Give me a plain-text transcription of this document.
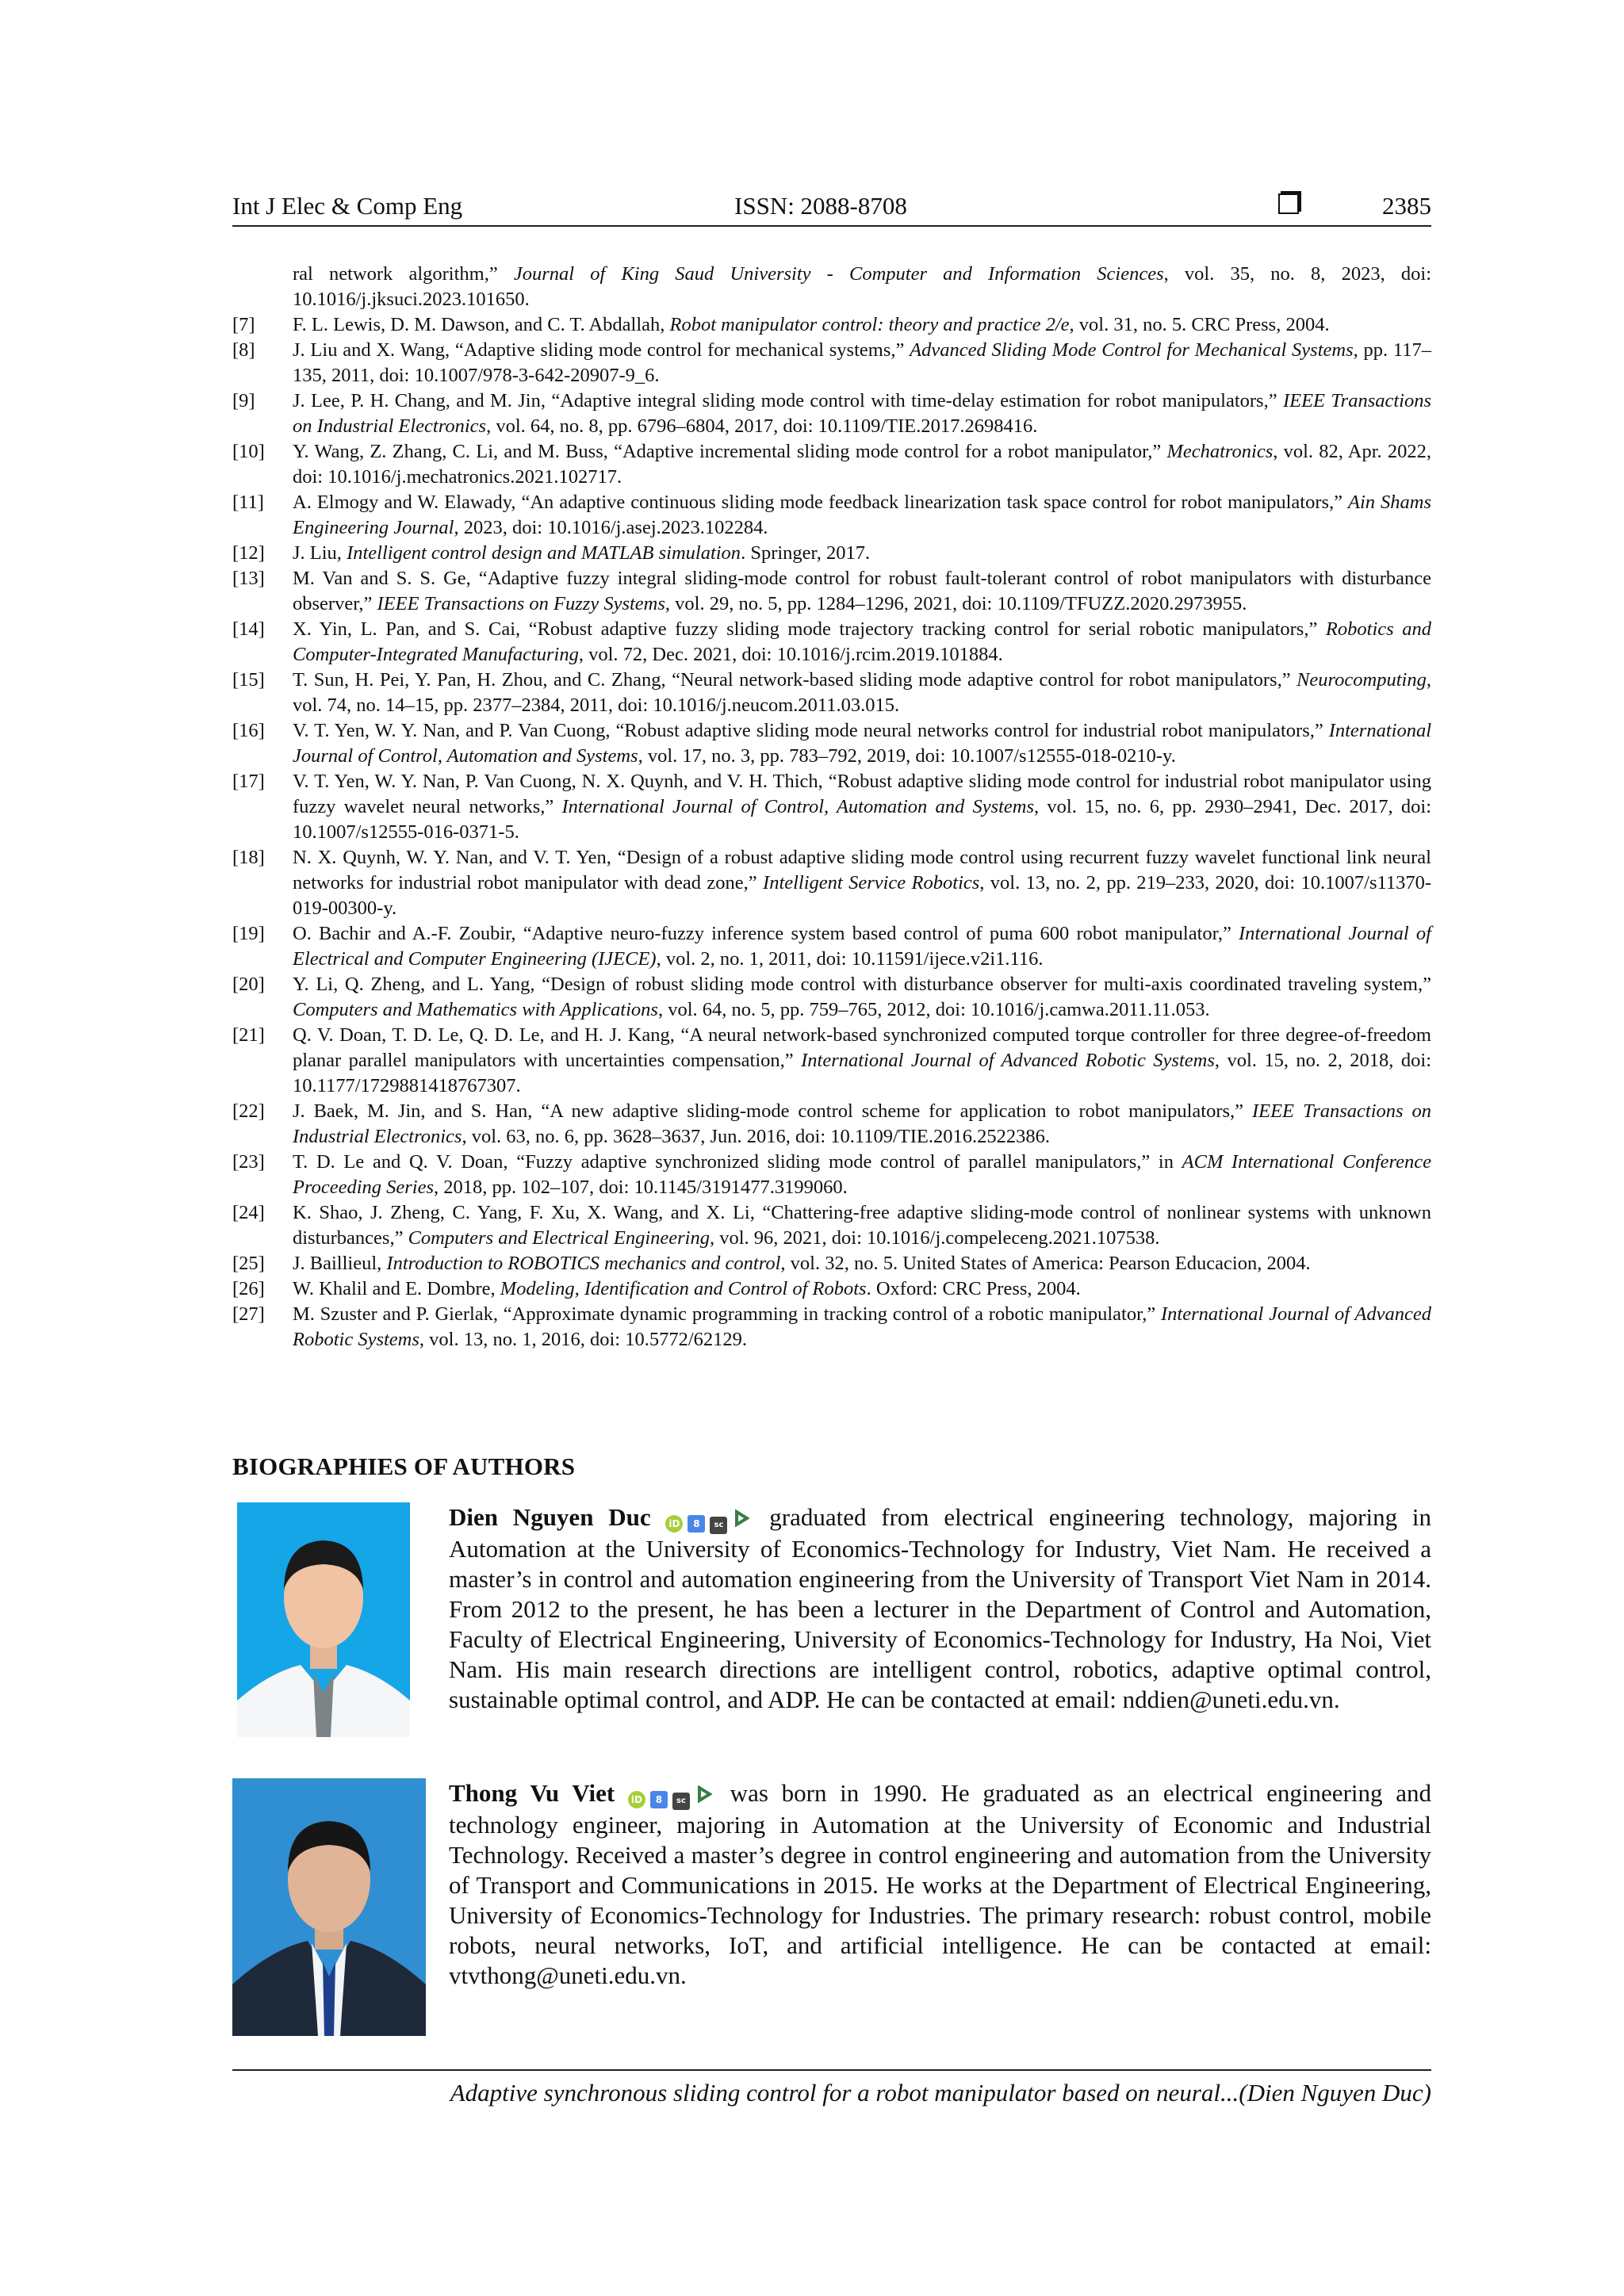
Int J Elec & Comp Eng	ISSN: 2088-8708	2385
ral network algorithm,” Journal of King Saud University - Computer and Information Sciences, vol. 35, no. 8, 2023, doi: 10.1016/j.jksuci.2023.101650.
[7] F. L. Lewis, D. M. Dawson, and C. T. Abdallah, Robot manipulator control: theory and practice 2/e, vol. 31, no. 5. CRC Press, 2004.
[8] J. Liu and X. Wang, “Adaptive sliding mode control for mechanical systems,” Advanced Sliding Mode Control for Mechanical Systems, pp. 117–135, 2011, doi: 10.1007/978-3-642-20907-9_6.
[9] J. Lee, P. H. Chang, and M. Jin, “Adaptive integral sliding mode control with time-delay estimation for robot manipulators,” IEEE Transactions on Industrial Electronics, vol. 64, no. 8, pp. 6796–6804, 2017, doi: 10.1109/TIE.2017.2698416.
[10] Y. Wang, Z. Zhang, C. Li, and M. Buss, “Adaptive incremental sliding mode control for a robot manipulator,” Mechatronics, vol. 82, Apr. 2022, doi: 10.1016/j.mechatronics.2021.102717.
[11] A. Elmogy and W. Elawady, “An adaptive continuous sliding mode feedback linearization task space control for robot manipulators,” Ain Shams Engineering Journal, 2023, doi: 10.1016/j.asej.2023.102284.
[12] J. Liu, Intelligent control design and MATLAB simulation. Springer, 2017.
[13] M. Van and S. S. Ge, “Adaptive fuzzy integral sliding-mode control for robust fault-tolerant control of robot manipulators with disturbance observer,” IEEE Transactions on Fuzzy Systems, vol. 29, no. 5, pp. 1284–1296, 2021, doi: 10.1109/TFUZZ.2020.2973955.
[14] X. Yin, L. Pan, and S. Cai, “Robust adaptive fuzzy sliding mode trajectory tracking control for serial robotic manipulators,” Robotics and Computer-Integrated Manufacturing, vol. 72, Dec. 2021, doi: 10.1016/j.rcim.2019.101884.
[15] T. Sun, H. Pei, Y. Pan, H. Zhou, and C. Zhang, “Neural network-based sliding mode adaptive control for robot manipulators,” Neurocomputing, vol. 74, no. 14–15, pp. 2377–2384, 2011, doi: 10.1016/j.neucom.2011.03.015.
[16] V. T. Yen, W. Y. Nan, and P. Van Cuong, “Robust adaptive sliding mode neural networks control for industrial robot manipulators,” International Journal of Control, Automation and Systems, vol. 17, no. 3, pp. 783–792, 2019, doi: 10.1007/s12555-018-0210-y.
[17] V. T. Yen, W. Y. Nan, P. Van Cuong, N. X. Quynh, and V. H. Thich, “Robust adaptive sliding mode control for industrial robot manipulator using fuzzy wavelet neural networks,” International Journal of Control, Automation and Systems, vol. 15, no. 6, pp. 2930–2941, Dec. 2017, doi: 10.1007/s12555-016-0371-5.
[18] N. X. Quynh, W. Y. Nan, and V. T. Yen, “Design of a robust adaptive sliding mode control using recurrent fuzzy wavelet functional link neural networks for industrial robot manipulator with dead zone,” Intelligent Service Robotics, vol. 13, no. 2, pp. 219–233, 2020, doi: 10.1007/s11370-019-00300-y.
[19] O. Bachir and A.-F. Zoubir, “Adaptive neuro-fuzzy inference system based control of puma 600 robot manipulator,” International Journal of Electrical and Computer Engineering (IJECE), vol. 2, no. 1, 2011, doi: 10.11591/ijece.v2i1.116.
[20] Y. Li, Q. Zheng, and L. Yang, “Design of robust sliding mode control with disturbance observer for multi-axis coordinated traveling system,” Computers and Mathematics with Applications, vol. 64, no. 5, pp. 759–765, 2012, doi: 10.1016/j.camwa.2011.11.053.
[21] Q. V. Doan, T. D. Le, Q. D. Le, and H. J. Kang, “A neural network-based synchronized computed torque controller for three degree-of-freedom planar parallel manipulators with uncertainties compensation,” International Journal of Advanced Robotic Systems, vol. 15, no. 2, 2018, doi: 10.1177/1729881418767307.
[22] J. Baek, M. Jin, and S. Han, “A new adaptive sliding-mode control scheme for application to robot manipulators,” IEEE Transactions on Industrial Electronics, vol. 63, no. 6, pp. 3628–3637, Jun. 2016, doi: 10.1109/TIE.2016.2522386.
[23] T. D. Le and Q. V. Doan, “Fuzzy adaptive synchronized sliding mode control of parallel manipulators,” in ACM International Conference Proceeding Series, 2018, pp. 102–107, doi: 10.1145/3191477.3199060.
[24] K. Shao, J. Zheng, C. Yang, F. Xu, X. Wang, and X. Li, “Chattering-free adaptive sliding-mode control of nonlinear systems with unknown disturbances,” Computers and Electrical Engineering, vol. 96, 2021, doi: 10.1016/j.compeleceng.2021.107538.
[25] J. Baillieul, Introduction to ROBOTICS mechanics and control, vol. 32, no. 5. United States of America: Pearson Educacion, 2004.
[26] W. Khalil and E. Dombre, Modeling, Identification and Control of Robots. Oxford: CRC Press, 2004.
[27] M. Szuster and P. Gierlak, “Approximate dynamic programming in tracking control of a robotic manipulator,” International Journal of Advanced Robotic Systems, vol. 13, no. 1, 2016, doi: 10.5772/62129.
BIOGRAPHIES OF AUTHORS
Dien Nguyen Duc iD 8 sc graduated from electrical engineering technology, majoring in Automation at the University of Economics-Technology for Industry, Viet Nam. He received a master’s in control and automation engineering from the University of Transport Viet Nam in 2014. From 2012 to the present, he has been a lecturer in the Department of Control and Automation, Faculty of Electrical Engineering, University of Economics-Technology for Industry, Ha Noi, Viet Nam. His main research directions are intelligent control, robotics, adaptive optimal control, sustainable optimal control, and ADP. He can be contacted at email: nddien@uneti.edu.vn.
Thong Vu Viet iD 8 sc was born in 1990. He graduated as an electrical engineering and technology engineer, majoring in Automation at the University of Economic and Industrial Technology. Received a master’s degree in control engineering and automation from the University of Transport and Communications in 2015. He works at the Department of Electrical Engineering, University of Economics-Technology for Industries. The primary research: robust control, mobile robots, neural networks, IoT, and artificial intelligence. He can be contacted at email: vtvthong@uneti.edu.vn.
Adaptive synchronous sliding control for a robot manipulator based on neural...(Dien Nguyen Duc)
